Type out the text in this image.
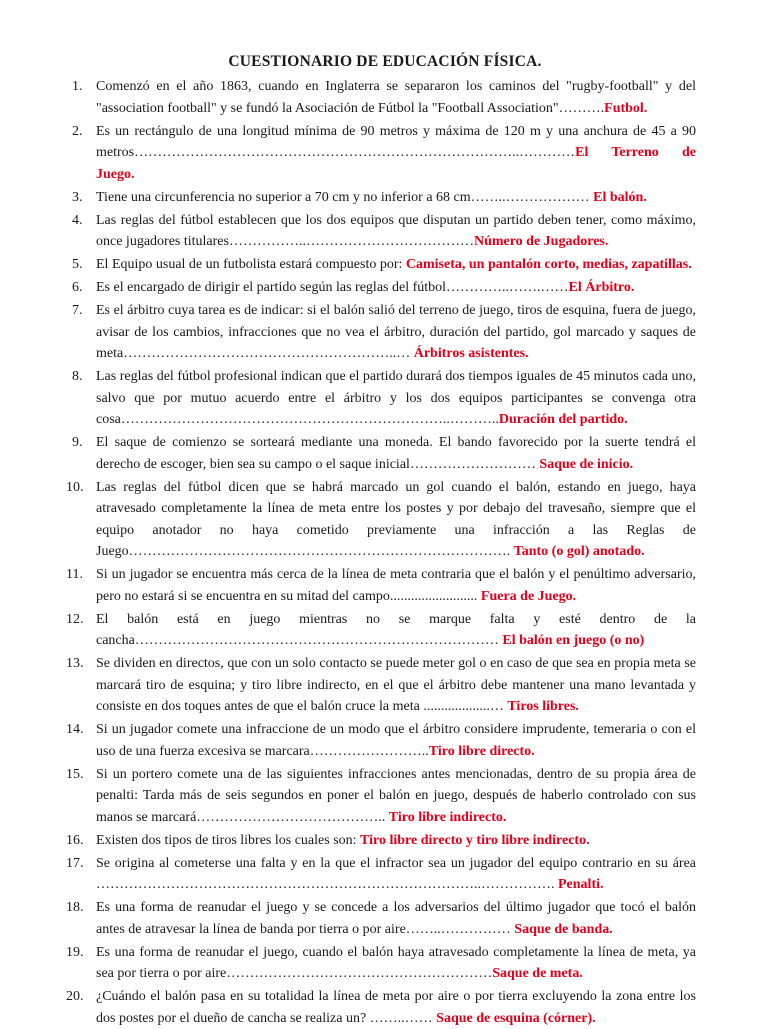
CUESTIONARIO DE EDUCACIÓN FÍSICA.
1. Comenzó en el año 1863, cuando en Inglaterra se separaron los caminos del "rugby-football" y del "association football" y se fundó la Asociación de Fútbol la "Football Association"……….Futbol.
2. Es un rectángulo de una longitud mínima de 90 metros y máxima de 120 m y una anchura de 45 a 90 metros………………………………………………………………………..…………El Terreno de Juego.
3. Tiene una circunferencia no superior a 70 cm y no inferior a 68 cm……..……………… El balón.
4. Las reglas del fútbol establecen que los dos equipos que disputan un partido deben tener, como máximo, once jugadores titulares……………..………………………………Número de Jugadores.
5. El Equipo usual de un futbolista estará compuesto por: Camiseta, un pantalón corto, medias, zapatillas.
6. Es el encargado de dirigir el partido según las reglas del fútbol…………..…….……El Árbitro.
7. Es el árbitro cuya tarea es de indicar: si el balón salió del terreno de juego, tiros de esquina, fuera de juego, avisar de los cambios, infracciones que no vea el árbitro, duración del partido, gol marcado y saques de meta…………………………………………………..… Árbitros asistentes.
8. Las reglas del fútbol profesional indican que el partido durará dos tiempos iguales de 45 minutos cada uno, salvo que por mutuo acuerdo entre el árbitro y los dos equipos participantes se convenga otra cosa……………………………………………………………..………..Duración del partido.
9. El saque de comienzo se sorteará mediante una moneda. El bando favorecido por la suerte tendrá el derecho de escoger, bien sea su campo o el saque inicial……………………… Saque de inicio.
10. Las reglas del fútbol dicen que se habrá marcado un gol cuando el balón, estando en juego, haya atravesado completamente la línea de meta entre los postes y por debajo del travesaño, siempre que el equipo anotador no haya cometido previamente una infracción a las Reglas de Juego………………………………………………………………………. Tanto (o gol) anotado.
11. Si un jugador se encuentra más cerca de la línea de meta contraria que el balón y el penúltimo adversario, pero no estará si se encuentra en su mitad del campo......................... Fuera de Juego.
12. El balón está en juego mientras no se marque falta y esté dentro de la cancha…………………………………………………………………… El balón en juego (o no)
13. Se dividen en directos, que con un solo contacto se puede meter gol o en caso de que sea en propia meta se marcará tiro de esquina; y tiro libre indirecto, en el que el árbitro debe mantener una mano levantada y consiste en dos toques antes de que el balón cruce la meta ...................… Tiros libres.
14. Si un jugador comete una infraccione de un modo que el árbitro considere imprudente, temeraria o con el uso de una fuerza excesiva se marcara……………………..Tiro libre directo.
15. Si un portero comete una de las siguientes infracciones antes mencionadas, dentro de su propia área de penalti: Tarda más de seis segundos en poner el balón en juego, después de haberlo controlado con sus manos se marcará………………………………….. Tiro libre indirecto.
16. Existen dos tipos de tiros libres los cuales son: Tiro libre directo y tiro libre indirecto.
17. Se origina al cometerse una falta y en la que el infractor sea un jugador del equipo contrario en su área ………………………………………………………………………..……………. Penalti.
18. Es una forma de reanudar el juego y se concede a los adversarios del último jugador que tocó el balón antes de atravesar la línea de banda por tierra o por aire……..…………… Saque de banda.
19. Es una forma de reanudar el juego, cuando el balón haya atravesado completamente la línea de meta, ya sea por tierra o por aire…………………………………………………Saque de meta.
20. ¿Cuándo el balón pasa en su totalidad la línea de meta por aire o por tierra excluyendo la zona entre los dos postes por el dueño de cancha se realiza un? ……..…… Saque de esquina (córner).
